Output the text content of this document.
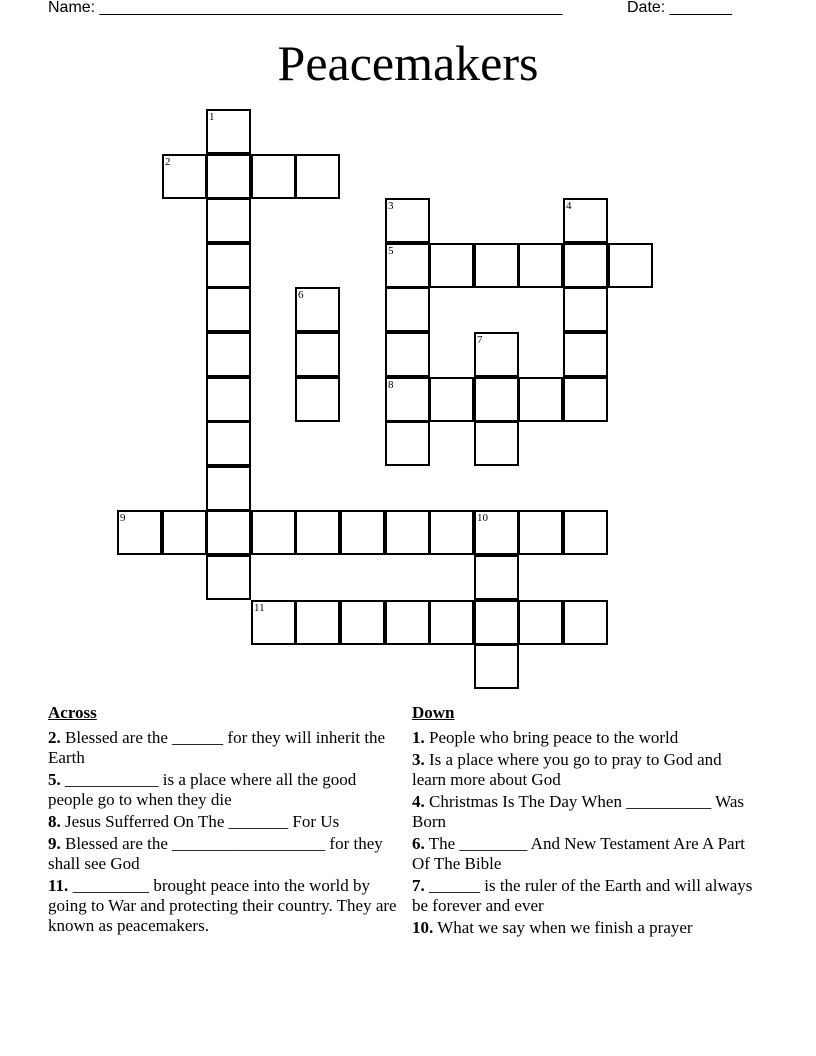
Name: ____________________________________________________	Date: _______
Peacemakers
1
2
3	4
5
6
7
8
9	10
11
Across
2. Blessed are the ______ for they will inherit the Earth
5. ___________ is a place where all the good people go to when they die
8. Jesus Sufferred On The _______ For Us
9. Blessed are the __________________ for they shall see God
11. _________ brought peace into the world by going to War and protecting their country. They are known as peacemakers.
Down
1. People who bring peace to the world
3. Is a place where you go to pray to God and learn more about God
4. Christmas Is The Day When __________ Was Born
6. The ________ And New Testament Are A Part Of The Bible
7. ______ is the ruler of the Earth and will always be forever and ever
10. What we say when we finish a prayer
